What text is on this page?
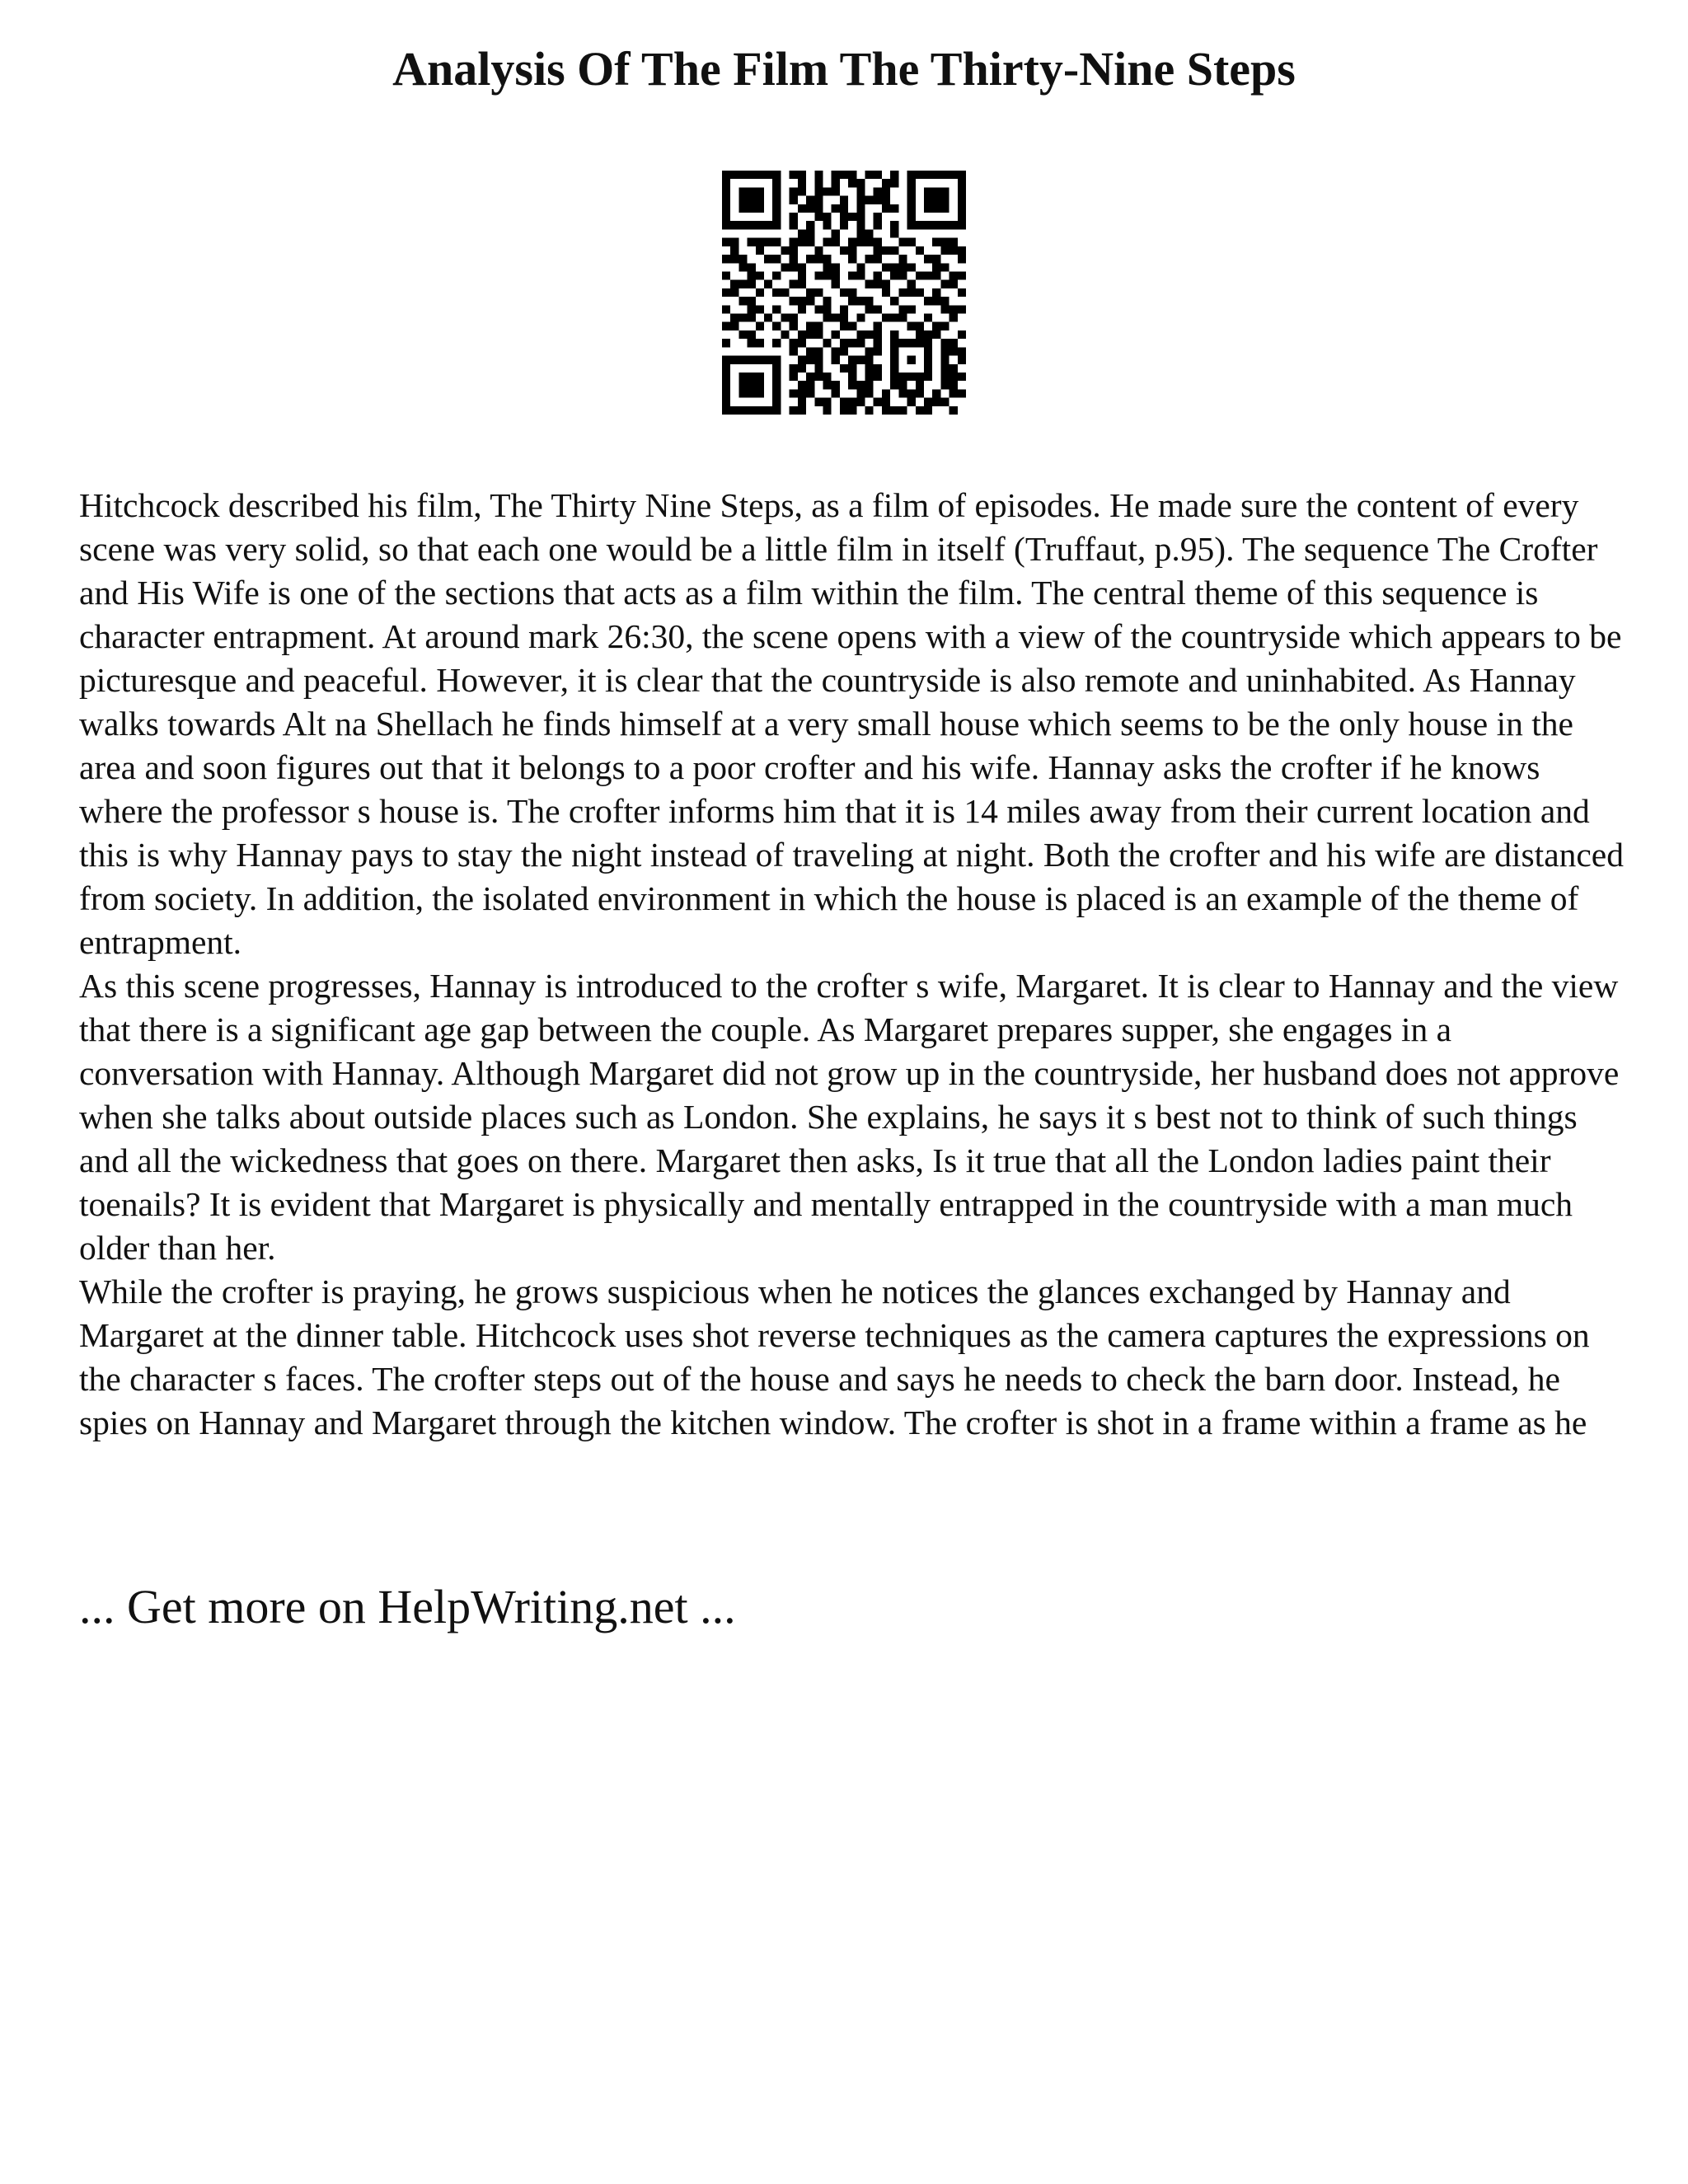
Analysis Of The Film The Thirty-Nine Steps

Hitchcock described his film, The Thirty Nine Steps, as a film of episodes. He made sure the content of every scene was very solid, so that each one would be a little film in itself (Truffaut, p.95). The sequence The Crofter and His Wife is one of the sections that acts as a film within the film. The central theme of this sequence is character entrapment. At around mark 26:30, the scene opens with a view of the countryside which appears to be picturesque and peaceful. However, it is clear that the countryside is also remote and uninhabited. As Hannay walks towards Alt na Shellach he finds himself at a very small house which seems to be the only house in the area and soon figures out that it belongs to a poor crofter and his wife. Hannay asks the crofter if he knows where the professor s house is. The crofter informs him that it is 14 miles away from their current location and this is why Hannay pays to stay the night instead of traveling at night. Both the crofter and his wife are distanced from society. In addition, the isolated environment in which the house is placed is an example of the theme of entrapment.

As this scene progresses, Hannay is introduced to the crofter s wife, Margaret. It is clear to Hannay and the view that there is a significant age gap between the couple. As Margaret prepares supper, she engages in a conversation with Hannay. Although Margaret did not grow up in the countryside, her husband does not approve when she talks about outside places such as London. She explains, he says it s best not to think of such things and all the wickedness that goes on there. Margaret then asks, Is it true that all the London ladies paint their toenails? It is evident that Margaret is physically and mentally entrapped in the countryside with a man much older than her.

While the crofter is praying, he grows suspicious when he notices the glances exchanged by Hannay and Margaret at the dinner table. Hitchcock uses shot reverse techniques as the camera captures the expressions on the character s faces. The crofter steps out of the house and says he needs to check the barn door. Instead, he spies on Hannay and Margaret through the kitchen window. The crofter is shot in a frame within a frame as he

... Get more on HelpWriting.net ...
